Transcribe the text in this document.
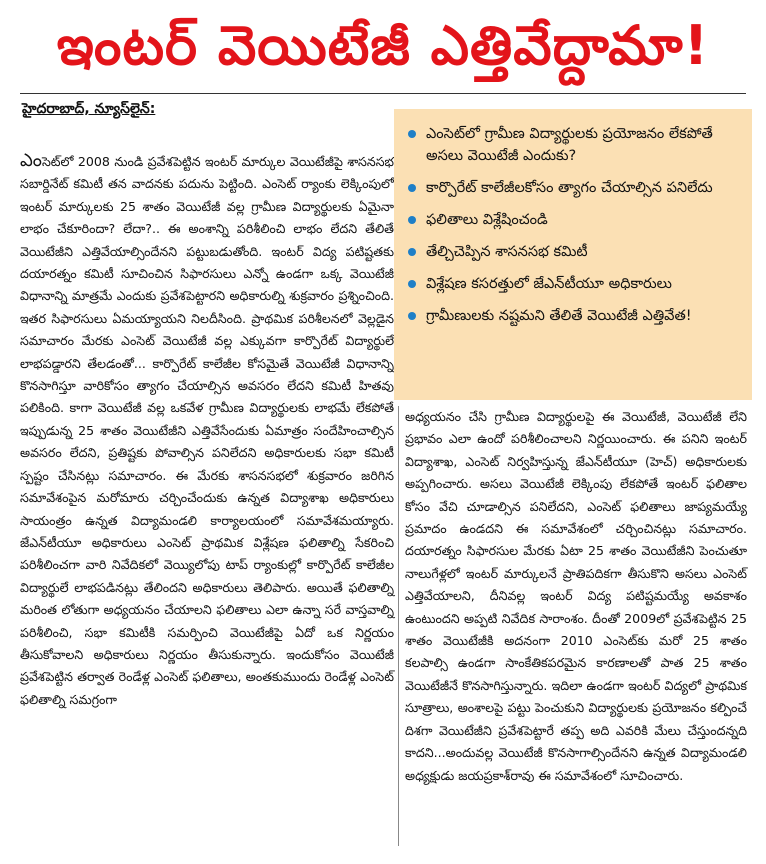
ఇంటర్ వెయిటేజీ ఎత్తివేద్దామా!
హైదరాబాద్, న్యూస్‌లైన్:
ఎంసెట్‌లో 2008 నుండి ప్రవేశపెట్టిన ఇంటర్ మార్కుల వెయిటేజీపై శాసనసభ సబార్డినేట్ కమిటీ తన వాదనకు పదును పెట్టింది. ఎంసెట్ ర్యాంకు లెక్కింపులో ఇంటర్ మార్కులకు 25 శాతం వెయిటేజీ వల్ల గ్రామీణ విద్యార్థులకు ఏమైనా లాభం చేకూరిందా? లేదా?.. ఈ అంశాన్ని పరిశీలించి లాభం లేదని తేలితే వెయిటేజీని ఎత్తివేయాల్సిందేనని పట్టుబడుతోంది. ఇంటర్ విద్య పటిష్టతకు దయారత్నం కమిటీ సూచించిన సిఫారసులు ఎన్నో ఉండగా ఒక్క వెయిటేజీ విధానాన్ని మాత్రమే ఎందుకు ప్రవేశపెట్టారని అధికారుల్ని శుక్రవారం ప్రశ్నించింది. ఇతర సిఫారసులు ఏమయ్యాయని నిలదీసింది. ప్రాథమిక పరిశీలనలో వెల్లడైన సమాచారం మేరకు ఎంసెట్ వెయిటేజీ వల్ల ఎక్కువగా కార్పొరేట్ విద్యార్థులే లాభపడ్డారని తేలడంతో... కార్పొరేట్ కాలేజీల కోసమైతే వెయిటేజీ విధానాన్ని కొనసాగిస్తూ వారికోసం త్యాగం చేయాల్సిన అవసరం లేదని కమిటీ హితవు పలికింది. కాగా వెయిటేజీ వల్ల ఒకవేళ గ్రామీణ విద్యార్థులకు లాభమే లేకపోతే ఇప్పుడున్న 25 శాతం వెయిటేజీని ఎత్తివేసేందుకు ఏమాత్రం సందేహించాల్సిన అవసరం లేదని, ప్రతిష్టకు పోవాల్సిన పనిలేదని అధికారులకు సభా కమిటీ స్పష్టం చేసినట్లు సమాచారం. ఈ మేరకు శాసనసభలో శుక్రవారం జరిగిన సమావేశంపైన మరోమారు చర్చించేందుకు ఉన్నత విద్యాశాఖ అధికారులు సాయంత్రం ఉన్నత విద్యామండలి కార్యాలయంలో సమావేశమయ్యారు. జేఎన్‌టీయూ అధికారులు ఎంసెట్ ప్రాథమిక విశ్లేషణ ఫలితాల్ని సేకరించి పరిశీలించగా వారి నివేదికలో వెయ్యిలోపు టాప్ ర్యాంకుల్లో కార్పొరేట్ కాలేజీల విద్యార్థులే లాభపడినట్లు తేలిందని అధికారులు తెలిపారు. అయితే ఫలితాల్ని మరింత లోతుగా అధ్యయనం చేయాలని ఫలితాలు ఎలా ఉన్నా సరే వాస్తవాల్ని పరిశీలించి, సభా కమిటీకి సమర్పించి వెయిటేజీపై ఏదో ఒక నిర్ణయం తీసుకోవాలని అధికారులు నిర్ణయం తీసుకున్నారు. ఇందుకోసం వెయిటేజీ ప్రవేశపెట్టిన తర్వాత రెండేళ్ల ఎంసెట్ ఫలితాలు, అంతకుముందు రెండేళ్ల ఎంసెట్ ఫలితాల్ని సమగ్రంగా
ఎంసెట్‌లో గ్రామీణ విద్యార్థులకు ప్రయోజనం లేకపోతే అసలు వెయిటేజీ ఎందుకు?
కార్పొరేట్ కాలేజీలకోసం త్యాగం చేయాల్సిన పనిలేదు
ఫలితాలు విశ్లేషించండి
తేల్చిచెప్పిన శాసనసభ కమిటీ
విశ్లేషణ కసరత్తులో జేఎన్‌టీయూ అధికారులు
గ్రామీణులకు నష్టమని తేలితే వెయిటేజీ ఎత్తివేత!
అధ్యయనం చేసి గ్రామీణ విద్యార్థులపై ఈ వెయిటేజీ, వెయిటేజీ లేని ప్రభావం ఎలా ఉందో పరిశీలించాలని నిర్ణయించారు. ఈ పనిని ఇంటర్ విద్యాశాఖ, ఎంసెట్ నిర్వహిస్తున్న జేఎన్‌టీయూ (హెచ్) అధికారులకు అప్పగించారు. అసలు వెయిటేజీ లెక్కింపు లేకపోతే ఇంటర్ ఫలితాల కోసం వేచి చూడాల్సిన పనిలేదని, ఎంసెట్ ఫలితాలు జాప్యమయ్యే ప్రమాదం ఉండదని ఈ సమావేశంలో చర్చించినట్లు సమాచారం. దయారత్నం సిఫారసుల మేరకు ఏటా 25 శాతం వెయిటేజీని పెంచుతూ నాలుగేళ్లలో ఇంటర్ మార్కులనే ప్రాతిపదికగా తీసుకొని అసలు ఎంసెట్ ఎత్తివేయాలని, దీనివల్ల ఇంటర్ విద్య పటిష్టమయ్యే అవకాశం ఉంటుందని అప్పటి నివేదిక సారాంశం. దీంతో 2009లో ప్రవేశపెట్టిన 25 శాతం వెయిటేజీకి అదనంగా 2010 ఎంసెట్‌కు మరో 25 శాతం కలపాల్సి ఉండగా సాంకేతికపరమైన కారణాలతో పాత 25 శాతం వెయిటేజీనే కొనసాగిస్తున్నారు. ఇదిలా ఉండగా ఇంటర్ విద్యలో ప్రాథమిక సూత్రాలు, అంశాలపై పట్టు పెంచుకుని విద్యార్థులకు ప్రయోజనం కల్పించే దిశగా వెయిటేజీని ప్రవేశపెట్టారే తప్ప అది ఎవరికి మేలు చేస్తుందన్నది కాదని...అందువల్ల వెయిటేజీ కొనసాగాల్సిందేనని ఉన్నత విద్యామండలి అధ్యక్షుడు జయప్రకాశ్‌రావు ఈ సమావేశంలో సూచించారు.
